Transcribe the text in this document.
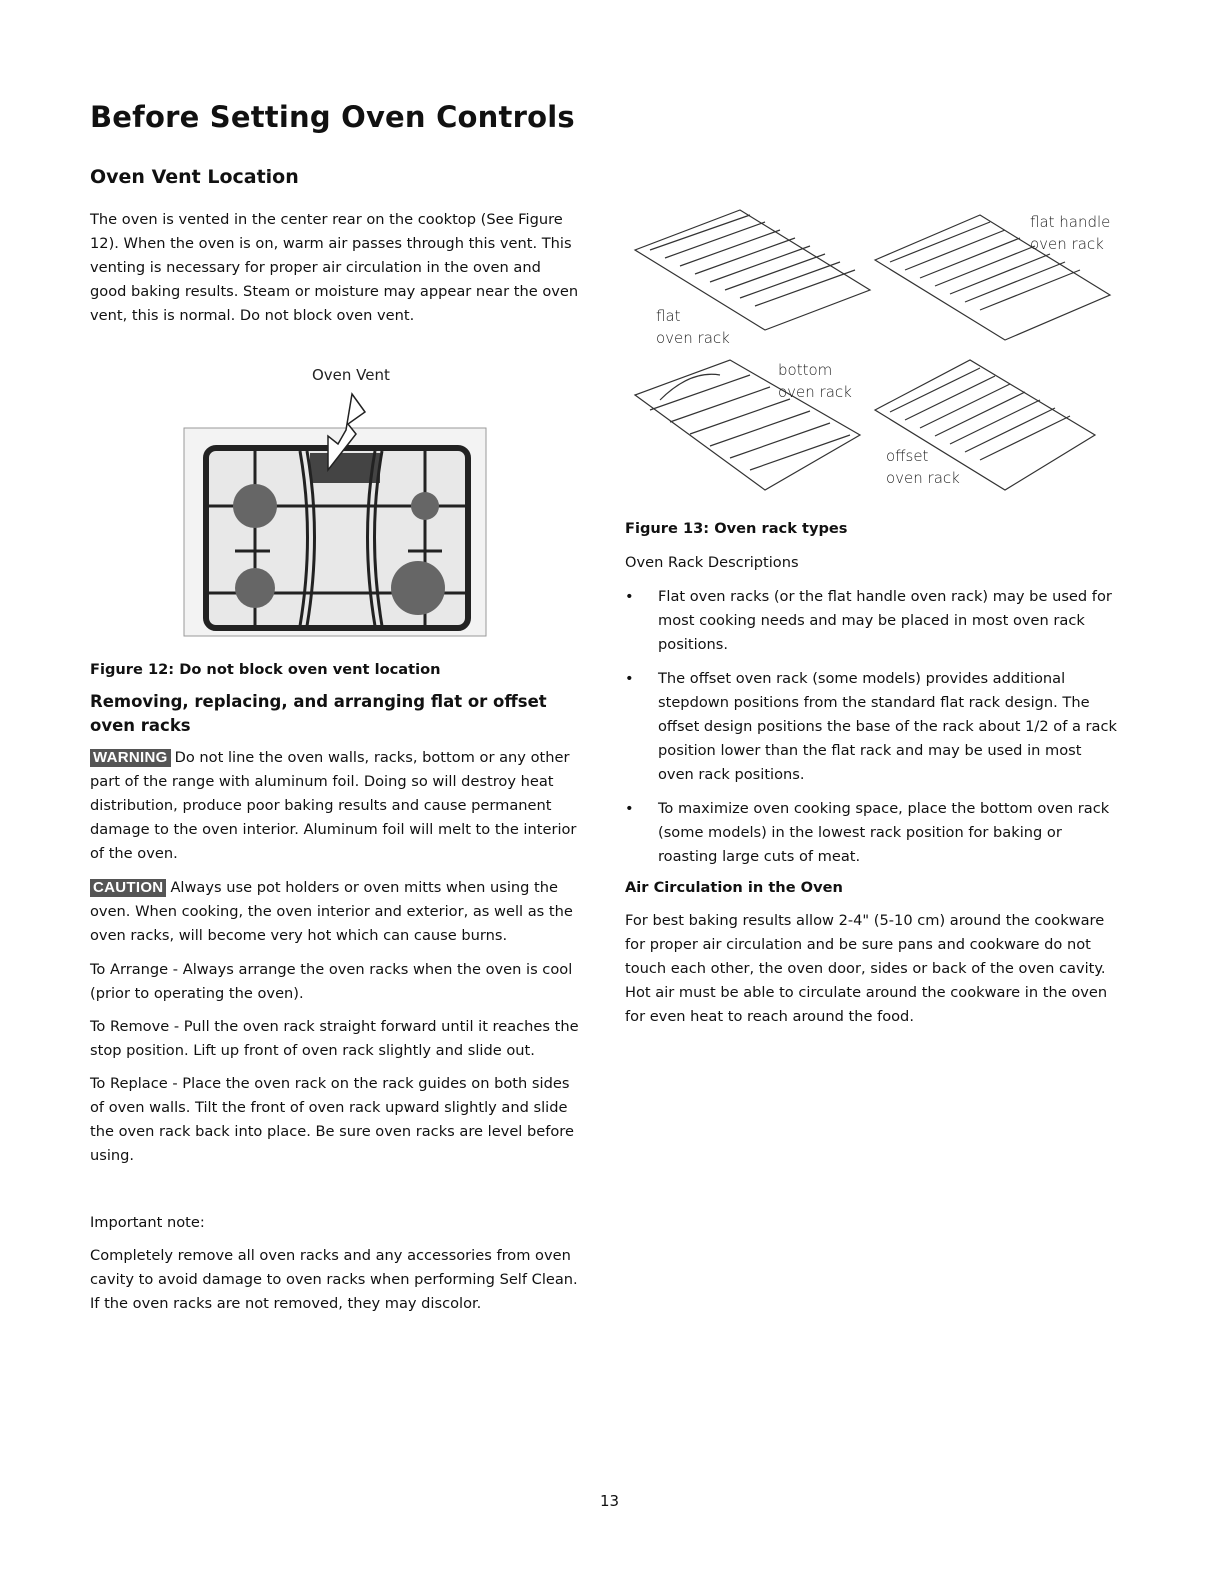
Before Setting Oven Controls
Oven Vent Location

The oven is vented in the center rear on the cooktop (See Figure 12). When the oven is on, warm air passes through this vent. This venting is necessary for proper air circulation in the oven and good baking results. Steam or moisture may appear near the oven vent, this is normal. Do not block oven vent.

Oven Vent
Figure 12: Do not block oven vent location
Removing, replacing, and arranging flat or offset oven racks

WARNING Do not line the oven walls, racks, bottom or any other part of the range with aluminum foil. Doing so will destroy heat distribution, produce poor baking results and cause permanent damage to the oven interior. Aluminum foil will melt to the interior of the oven.

CAUTION Always use pot holders or oven mitts when using the oven. When cooking, the oven interior and exterior, as well as the oven racks, will become very hot which can cause burns.

To Arrange - Always arrange the oven racks when the oven is cool (prior to operating the oven).

To Remove - Pull the oven rack straight forward until it reaches the stop position. Lift up front of oven rack slightly and slide out.

To Replace - Place the oven rack on the rack guides on both sides of oven walls. Tilt the front of oven rack upward slightly and slide the oven rack back into place. Be sure oven racks are level before using.

Important note:

Completely remove all oven racks and any accessories from oven cavity to avoid damage to oven racks when performing Self Clean. If the oven racks are not removed, they may discolor.

flat handle
oven rack
flat
oven rack
bottom
oven rack
offset
oven rack
Figure 13: Oven rack types
Oven Rack Descriptions
• Flat oven racks (or the flat handle oven rack) may be used for most cooking needs and may be placed in most oven rack positions.
• The offset oven rack (some models) provides additional stepdown positions from the standard flat rack design. The offset design positions the base of the rack about 1/2 of a rack position lower than the flat rack and may be used in most oven rack positions.
• To maximize oven cooking space, place the bottom oven rack (some models) in the lowest rack position for baking or roasting large cuts of meat.
Air Circulation in the Oven

For best baking results allow 2-4" (5-10 cm) around the cookware for proper air circulation and be sure pans and cookware do not touch each other, the oven door, sides or back of the oven cavity. Hot air must be able to circulate around the cookware in the oven for even heat to reach around the food.

13
